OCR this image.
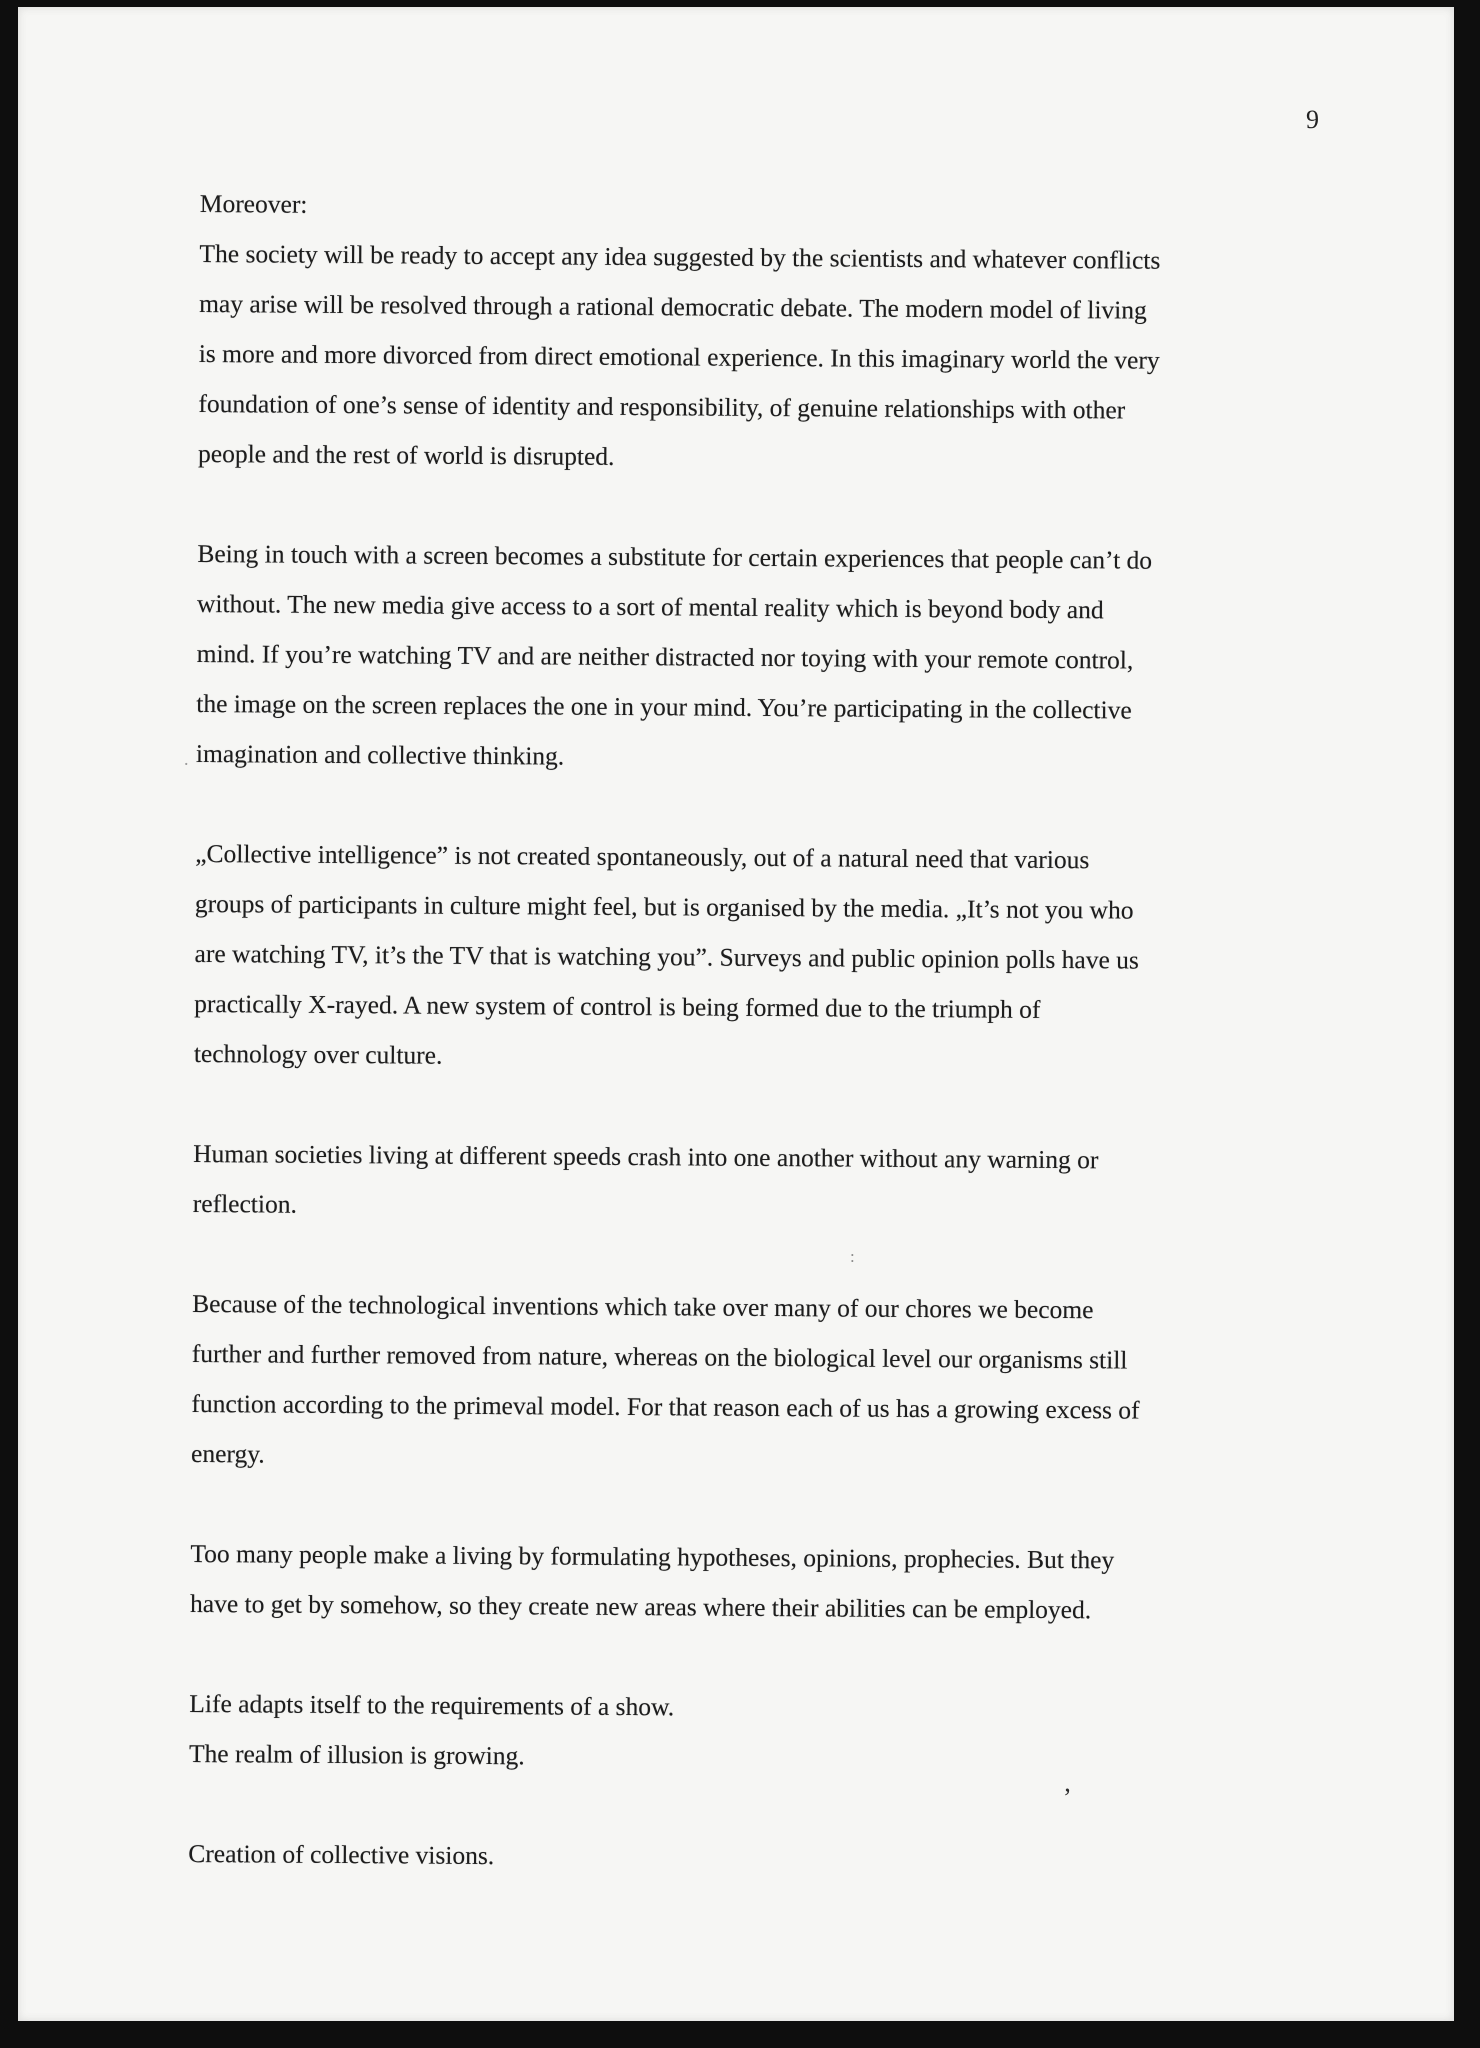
9
Moreover:
The society will be ready to accept any idea suggested by the scientists and whatever conflicts
may arise will be resolved through a rational democratic debate. The modern model of living
is more and more divorced from direct emotional experience. In this imaginary world the very
foundation of one’s sense of identity and responsibility, of genuine relationships with other
people and the rest of world is disrupted.
Being in touch with a screen becomes a substitute for certain experiences that people can’t do
without. The new media give access to a sort of mental reality which is beyond body and
mind. If you’re watching TV and are neither distracted nor toying with your remote control,
the image on the screen replaces the one in your mind. You’re participating in the collective
imagination and collective thinking.
„Collective intelligence” is not created spontaneously, out of a natural need that various
groups of participants in culture might feel, but is organised by the media. „It’s not you who
are watching TV, it’s the TV that is watching you”. Surveys and public opinion polls have us
practically X-rayed. A new system of control is being formed due to the triumph of
technology over culture.
Human societies living at different speeds crash into one another without any warning or
reflection.
Because of the technological inventions which take over many of our chores we become
further and further removed from nature, whereas on the biological level our organisms still
function according to the primeval model. For that reason each of us has a growing excess of
energy.
Too many people make a living by formulating hypotheses, opinions, prophecies. But they
have to get by somehow, so they create new areas where their abilities can be employed.
Life adapts itself to the requirements of a show.
The realm of illusion is growing.
Creation of collective visions.
:
.
’
